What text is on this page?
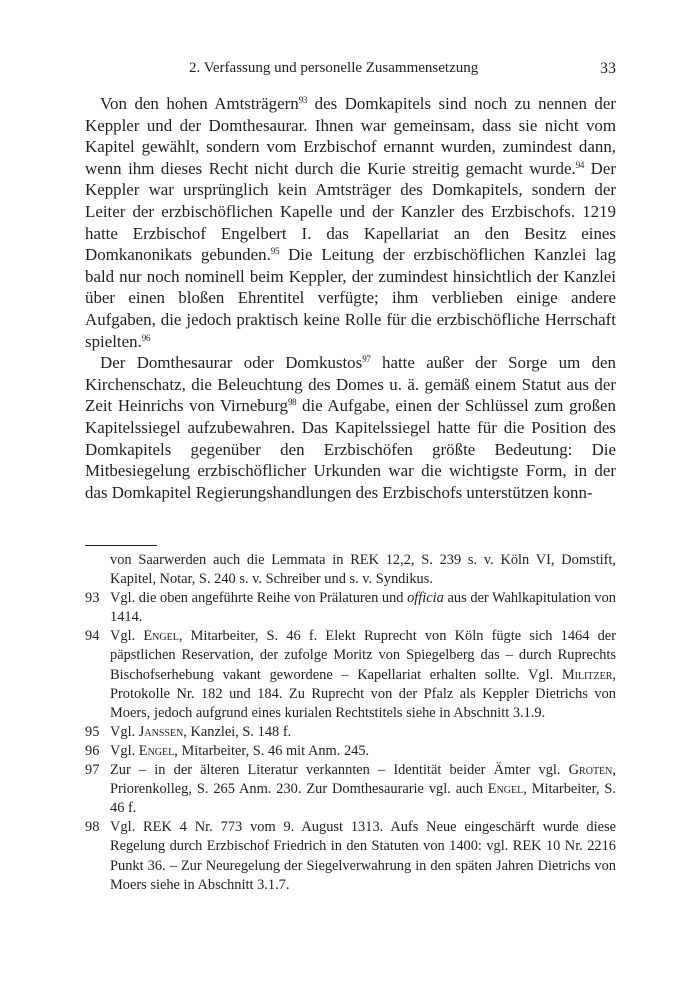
2. Verfassung und personelle Zusammensetzung	33

Von den hohen Amtsträgern$^{93}$ des Domkapitels sind noch zu nennen der Keppler und der Domthesaurar. Ihnen war gemeinsam, dass sie nicht vom Kapitel gewählt, sondern vom Erzbischof ernannt wurden, zumindest dann, wenn ihm dieses Recht nicht durch die Kurie streitig gemacht wurde.$^{94}$ Der Keppler war ursprünglich kein Amtsträger des Domkapitels, sondern der Leiter der erzbischöflichen Kapelle und der Kanzler des Erzbischofs. 1219 hatte Erzbischof Engelbert I. das Kapellariat an den Besitz eines Domkanonikats gebunden.$^{95}$ Die Leitung der erzbischöflichen Kanzlei lag bald nur noch nominell beim Keppler, der zumindest hinsichtlich der Kanzlei über einen bloßen Ehrentitel verfügte; ihm verblieben einige andere Aufgaben, die jedoch praktisch keine Rolle für die erzbischöfliche Herrschaft spielten.$^{96}$

Der Domthesaurar oder Domkustos$^{97}$ hatte außer der Sorge um den Kirchenschatz, die Beleuchtung des Domes u. ä. gemäß einem Statut aus der Zeit Heinrichs von Virneburg$^{98}$ die Aufgabe, einen der Schlüssel zum großen Kapitelssiegel aufzubewahren. Das Kapitelssiegel hatte für die Position des Domkapitels gegenüber den Erzbischöfen größte Bedeutung: Die Mitbesiegelung erzbischöflicher Urkunden war die wichtigste Form, in der das Domkapitel Regierungshandlungen des Erzbischofs unterstützen konn-

von Saarwerden auch die Lemmata in REK 12,2, S. 239 s. v. Köln VI, Domstift, Kapitel, Notar, S. 240 s. v. Schreiber und s. v. Syndikus.
93 Vgl. die oben angeführte Reihe von Prälaturen und officia aus der Wahlkapitulation von 1414.
94 Vgl. Engel, Mitarbeiter, S. 46 f. Elekt Ruprecht von Köln fügte sich 1464 der päpstlichen Reservation, der zufolge Moritz von Spiegelberg das – durch Ruprechts Bischofserhebung vakant gewordene – Kapellariat erhalten sollte. Vgl. Militzer, Protokolle Nr. 182 und 184. Zu Ruprecht von der Pfalz als Keppler Dietrichs von Moers, jedoch aufgrund eines kurialen Rechtstitels siehe in Abschnitt 3.1.9.
95 Vgl. Janssen, Kanzlei, S. 148 f.
96 Vgl. Engel, Mitarbeiter, S. 46 mit Anm. 245.
97 Zur – in der älteren Literatur verkannten – Identität beider Ämter vgl. Groten, Priorenkolleg, S. 265 Anm. 230. Zur Domthesaurarie vgl. auch Engel, Mitarbeiter, S. 46 f.
98 Vgl. REK 4 Nr. 773 vom 9. August 1313. Aufs Neue eingeschärft wurde diese Regelung durch Erzbischof Friedrich in den Statuten von 1400: vgl. REK 10 Nr. 2216 Punkt 36. – Zur Neuregelung der Siegelverwahrung in den späten Jahren Dietrichs von Moers siehe in Abschnitt 3.1.7.
